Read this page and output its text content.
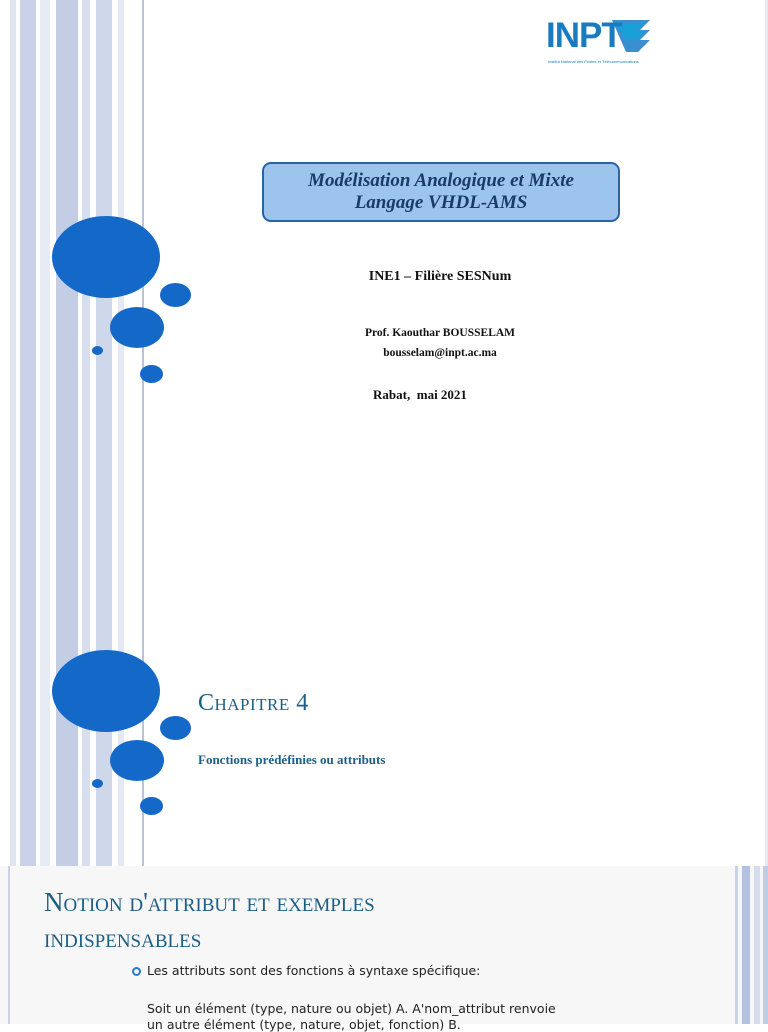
INPT
Institut National des Postes et Télécommunications
Modélisation Analogique et Mixte
Langage VHDL-AMS
INE1 – Filière SESNum
Prof. Kaouthar BOUSSELAM
bousselam@inpt.ac.ma
Rabat,  mai 2021
Chapitre 4
Fonctions prédéfinies ou attributs
Notion d'attribut et exemples
indispensables
Les attributs sont des fonctions à syntaxe spécifique:
Soit un élément (type, nature ou objet) A. A'nom_attribut renvoie
un autre élément (type, nature, objet, fonction) B.
